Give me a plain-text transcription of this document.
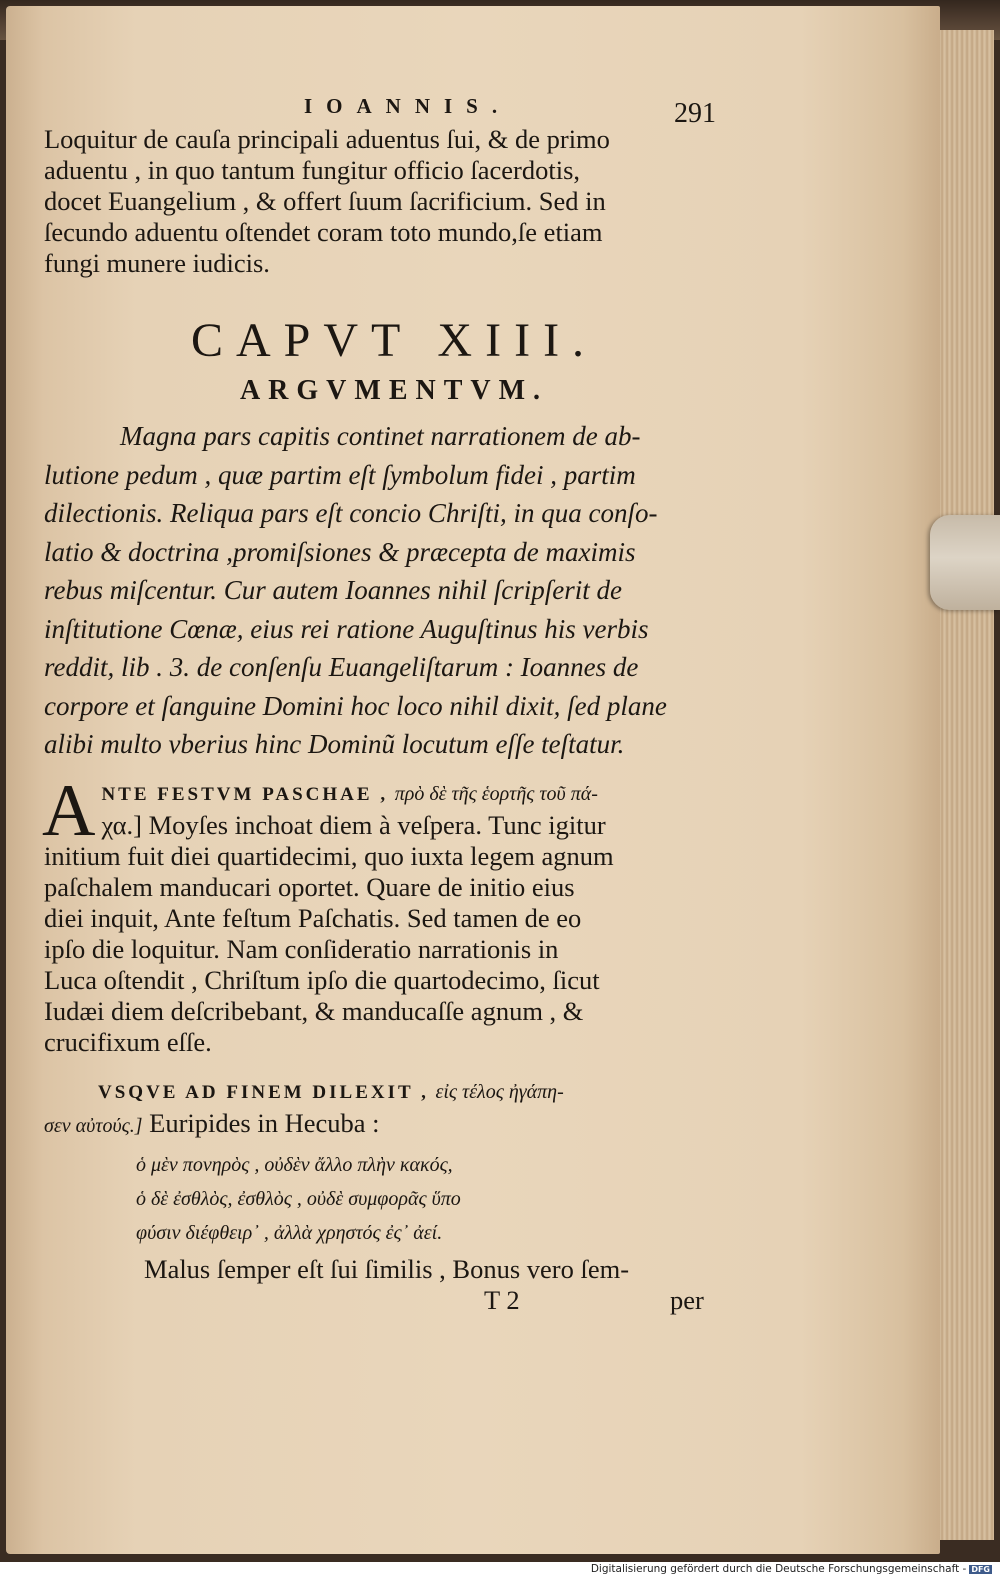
IOANNIS.	291

Loquitur de cauſa principali aduentus ſui, & de primo
aduentu , in quo tantum fungitur officio ſacerdotis,
docet Euangelium , & offert ſuum ſacrificium. Sed in
ſecundo aduentu oſtendet coram toto mundo,ſe etiam
fungi munere iudicis.

CAPVT XIII.
ARGVMENTVM.

Magna pars capitis continet narrationem de ab-
lutione pedum , quæ partim eſt ſymbolum fidei , partim
dilectionis. Reliqua pars eſt concio Chriſti, in qua conſo-
latio & doctrina ,promiſsiones & præcepta de maximis
rebus miſcentur. Cur autem Ioannes nihil ſcripſerit de
inſtitutione Cœnæ, eius rei ratione Auguſtinus his verbis
reddit, lib . 3. de conſenſu Euangeliſtarum : Ioannes de
corpore et ſanguine Domini hoc loco nihil dixit, ſed plane
alibi multo vberius hinc Dominũ locutum eſſe teſtatur.

A NTE FESTVM PASCHAE , πρὸ δὲ τῆς ἑορτῆς τοῦ πά-
χα.] Moyſes inchoat diem à veſpera. Tunc igitur
initium fuit diei quartidecimi, quo iuxta legem agnum
paſchalem manducari oportet. Quare de initio eius
diei inquit, Ante feſtum Paſchatis. Sed tamen de eo
ipſo die loquitur. Nam conſideratio narrationis in
Luca oſtendit , Chriſtum ipſo die quartodecimo, ſicut
Iudæi diem deſcribebant, & manducaſſe agnum , &
crucifixum eſſe.
VSQVE AD FINEM DILEXIT , εἰς τέλος ἠγάπη-
σεν αὐτούς.] Euripides in Hecuba :
ὁ μὲν πονηρὸς , οὐδὲν ἄλλο πλὴν κακός,
ὁ δὲ ἐσθλὸς, ἐσθλὸς , οὐδὲ συμφορᾶς ὕπο
φύσιν διέφθειρ᾽ , ἀλλὰ χρηστός ἐς᾽ ἀεί.
Malus ſemper eſt ſui ſimilis , Bonus vero ſem-
T 2	per
Digitalisierung gefördert durch die Deutsche Forschungsgemeinschaft - DFG
